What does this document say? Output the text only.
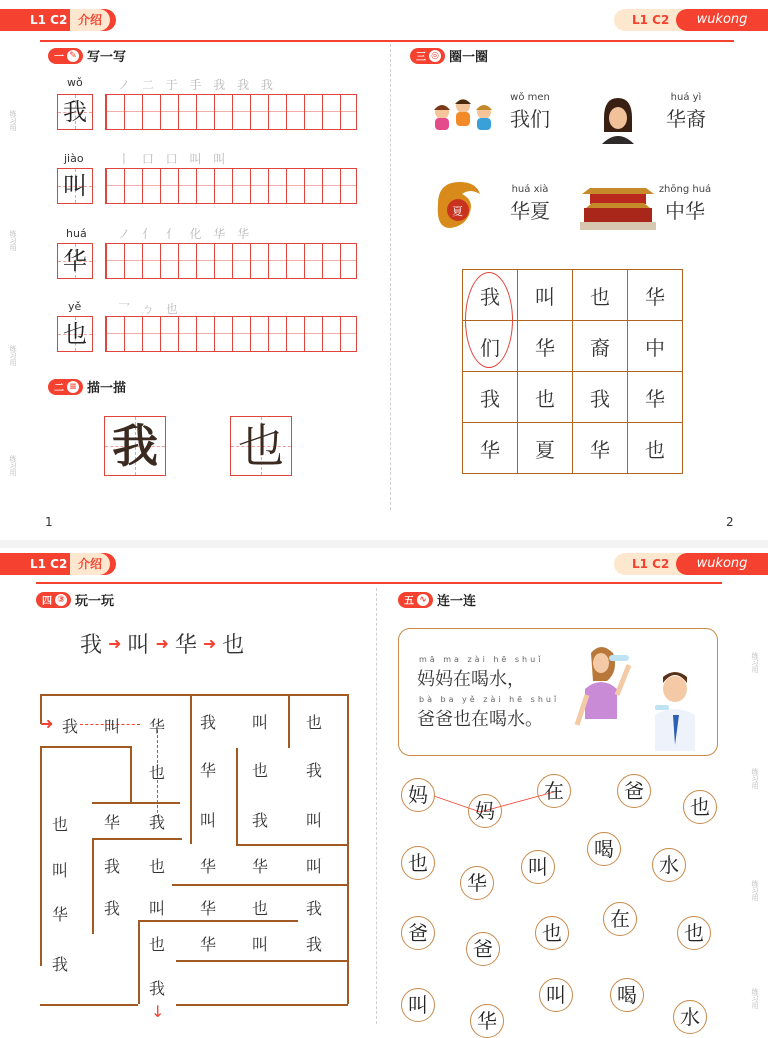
L1 C2 介绍	L1 C2	wukong
练习用
练习用
练习用
练习用
一 ✎ 写一写
wǒ	ノ 二 于 手 我 我 我
我
jiào	丨 口 口 叫 叫
叫
huá	ノ 亻 亻 化 华 华
华
yě	乛 ㄅ 也
也
二 ≡ 描一描
我 也
1
三 ◎ 圈一圈
wǒ men
我们
huá yì
华裔
夏
huá xià
华夏
zhōng huá
中华
我	叫	也	华
们	华	裔	中
我	也	我	华
华	夏	华	也
2
L1 C2 介绍	L1 C2	wukong
四 ③ 玩一玩
我 ➜ 叫 ➜ 华 ➜ 也
➜
↓
我 叫 华 我 叫 也
也 华 也 我
也 华 我 叫 我 叫
叫 我 也 华 华 叫
华 我 叫 华 也 我
也 华 叫 我
我
我
五 ∿ 连一连
mā ma zài hē shuǐ
妈妈在喝水，
bà ba yě zài hē shuǐ
爸爸也在喝水。
妈
妈
在	爸
也
也
华
叫
喝
水
爸
爸
也
在
也
叫
华
叫	喝
水
练习用
练习用
练习用
练习用
